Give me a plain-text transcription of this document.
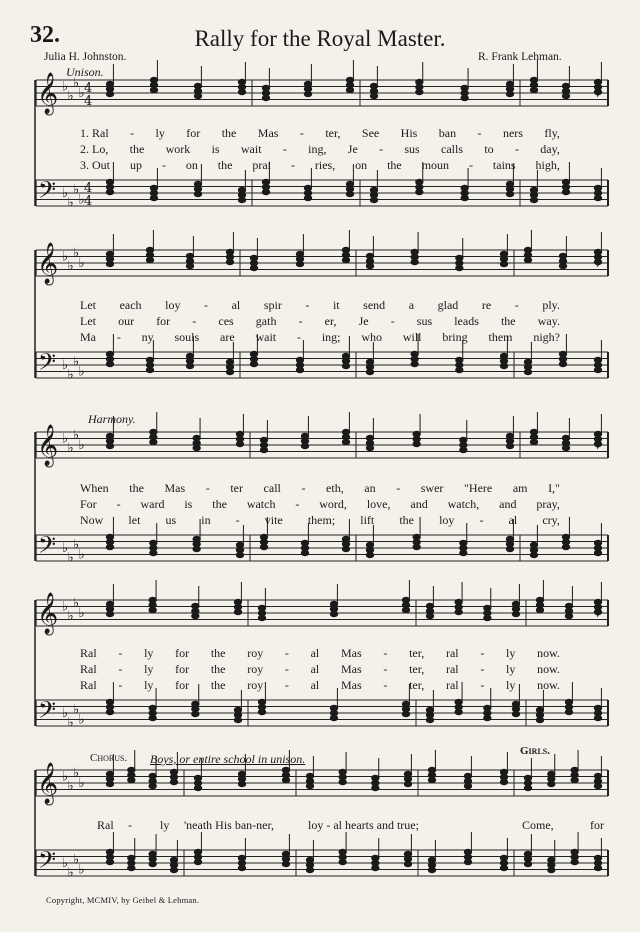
32.	Rally for the Royal Master.
Julia H. Johnston.	R. Frank Lehman.
Unison.
Harmony.
Chorus. Boys, or entire school in unison.
Girls.
1. Ral - ly for the Mas - ter, See His ban - ners fly,
2. Lo, the work is wait - ing, Je - sus calls to - day,
3. Out up - on the prai - ries, on the moun - tains high,
Let each loy - al spir - it send a glad re - ply.
Let our for - ces gath - er, Je - sus leads the way.
Ma - ny souls are wait - ing; who will bring them nigh?
When the Mas - ter call - eth, an - swer "Here am I,"
For - ward is the watch - word, love, and watch, and pray,
Now let us in - vite them; lift the loy - al cry,
Ral - ly for the roy - al Mas - ter, ral - ly now.
Ral - ly for the roy - al Mas - ter, ral - ly now.
Ral - ly for the roy - al Mas - ter, ral - ly now.
Ral - ly 'neath His ban-ner,	loy - al hearts and true;	Come,	for
Copyright, MCMIV, by Geibel & Lehman.
𝄞 ♭
♭
♭
♭ 4
4
𝄢 ♭
♭
♭
♭
4
4
𝄽
𝄽
𝄞 ♭
♭
♭
♭
𝄢 ♭
♭
♭
♭
𝄽
𝄽
𝄞 ♭
♭
♭
♭
𝄢 ♭
♭
♭
♭
𝄽
𝄽
𝄞 ♭
♭
♭
♭
𝄢 ♭
♭
♭
♭
𝄽
𝄽
𝄞 ♭
♭
♭
♭
𝄢 ♭
♭
♭
♭
𝄽
𝄽
